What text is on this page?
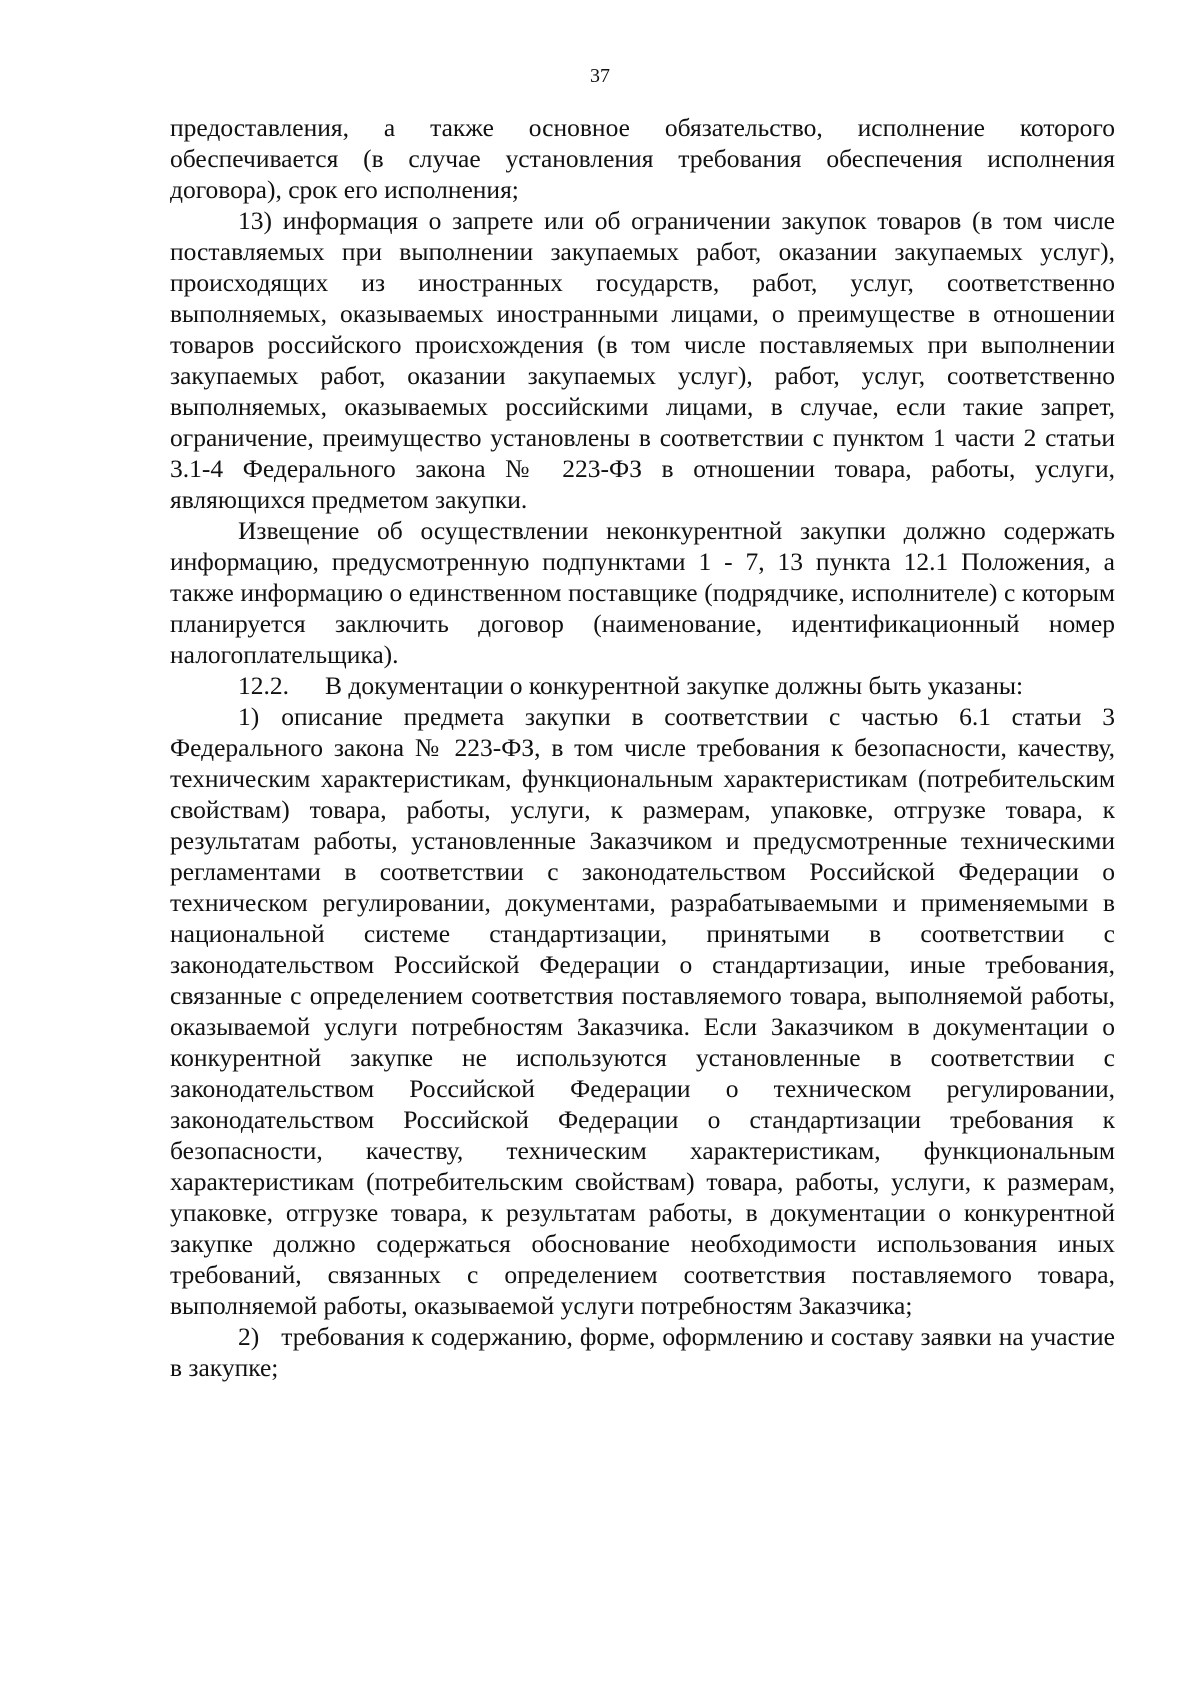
37

предоставления, а также основное обязательство, исполнение которого обеспечивается (в случае установления требования обеспечения исполнения договора), срок его исполнения;

13) информация о запрете или об ограничении закупок товаров (в том числе поставляемых при выполнении закупаемых работ, оказании закупаемых услуг), происходящих из иностранных государств, работ, услуг, соответственно выполняемых, оказываемых иностранными лицами, о преимуществе в отношении товаров российского происхождения (в том числе поставляемых при выполнении закупаемых работ, оказании закупаемых услуг), работ, услуг, соответственно выполняемых, оказываемых российскими лицами, в случае, если такие запрет, ограничение, преимущество установлены в соответствии с пунктом 1 части 2 статьи 3.1-4 Федерального закона № 223-ФЗ в отношении товара, работы, услуги, являющихся предметом закупки.

Извещение об осуществлении неконкурентной закупки должно содержать информацию, предусмотренную подпунктами 1 - 7, 13 пункта 12.1 Положения, а также информацию о единственном поставщике (подрядчике, исполнителе) с которым планируется заключить договор (наименование, идентификационный номер налогоплательщика).

12.2. В документации о конкурентной закупке должны быть указаны:

1) описание предмета закупки в соответствии с частью 6.1 статьи 3 Федерального закона № 223-ФЗ, в том числе требования к безопасности, качеству, техническим характеристикам, функциональным характеристикам (потребительским свойствам) товара, работы, услуги, к размерам, упаковке, отгрузке товара, к результатам работы, установленные Заказчиком и предусмотренные техническими регламентами в соответствии с законодательством Российской Федерации о техническом регулировании, документами, разрабатываемыми и применяемыми в национальной системе стандартизации, принятыми в соответствии с законодательством Российской Федерации о стандартизации, иные требования, связанные с определением соответствия поставляемого товара, выполняемой работы, оказываемой услуги потребностям Заказчика. Если Заказчиком в документации о конкурентной закупке не используются установленные в соответствии с законодательством Российской Федерации о техническом регулировании, законодательством Российской Федерации о стандартизации требования к безопасности, качеству, техническим характеристикам, функциональным характеристикам (потребительским свойствам) товара, работы, услуги, к размерам, упаковке, отгрузке товара, к результатам работы, в документации о конкурентной закупке должно содержаться обоснование необходимости использования иных требований, связанных с определением соответствия поставляемого товара, выполняемой работы, оказываемой услуги потребностям Заказчика;

2) требования к содержанию, форме, оформлению и составу заявки на участие в закупке;
